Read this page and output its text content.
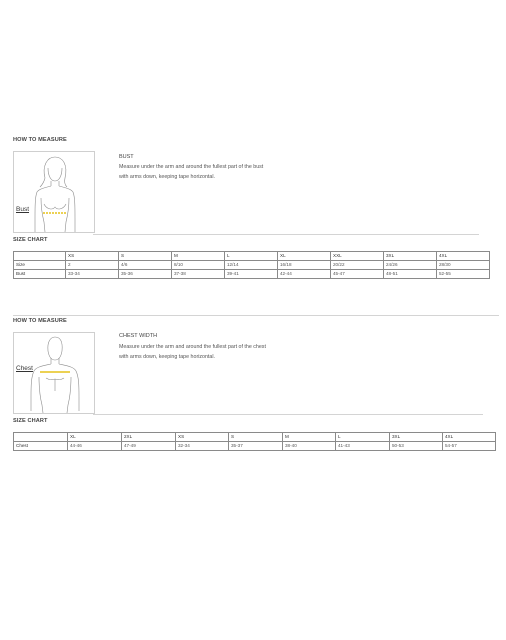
HOW TO MEASURE
Bust
BUST
Measure under the arm and around the fullest part of the bust
with arms down, keeping tape horizontal.
SIZE CHART
	XS	S	M	L	XL	XXL	3XL	4XL
Size	2	4/6	8/10	12/14	16/18	20/22	24/26	28/30
Bust	33-34	35-36	37-38	39-41	42-44	45-47	48-51	52-55
HOW TO MEASURE
Chest
CHEST WIDTH
Measure under the arm and around the fullest part of the chest
with arms down, keeping tape horizontal.
SIZE CHART
	XL	2XL	XS	S	M	L	3XL	4XL
Chest	44-46	47-49	32-34	35-37	38-40	41-43	50-53	54-57
